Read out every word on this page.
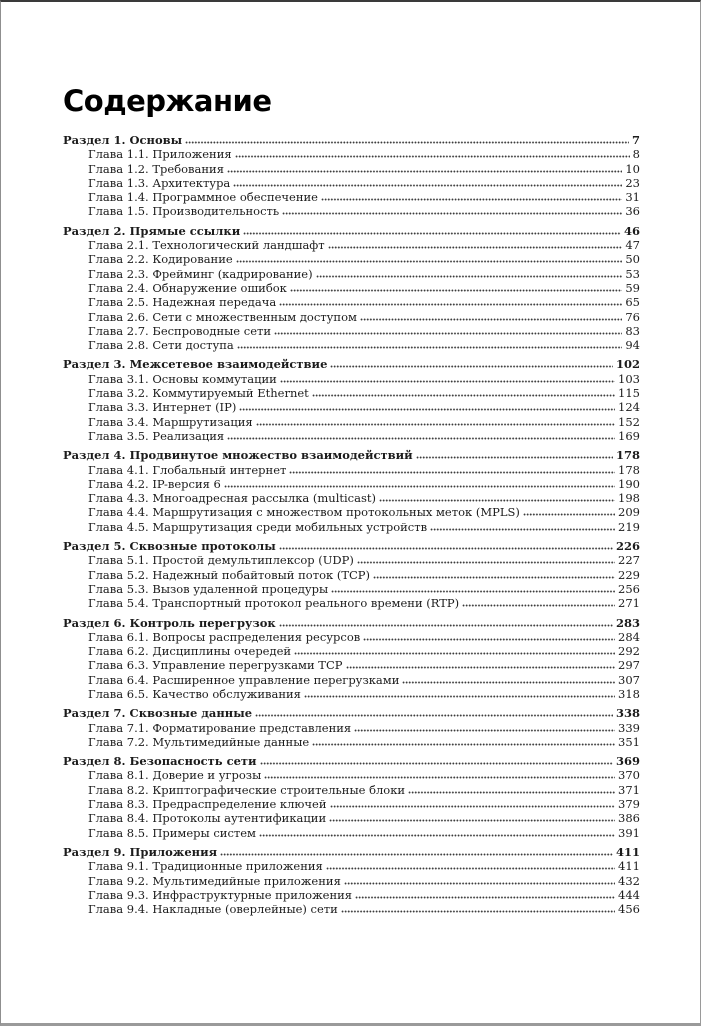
Содержание
Раздел 1. Основы	7
Глава 1.1. Приложения	8
Глава 1.2. Требования	10
Глава 1.3. Архитектура	23
Глава 1.4. Программное обеспечение	31
Глава 1.5. Производительность	36
Раздел 2. Прямые ссылки	46
Глава 2.1. Технологический ландшафт	47
Глава 2.2. Кодирование	50
Глава 2.3. Фрейминг (кадрирование)	53
Глава 2.4. Обнаружение ошибок	59
Глава 2.5. Надежная передача	65
Глава 2.6. Сети с множественным доступом	76
Глава 2.7. Беспроводные сети	83
Глава 2.8. Сети доступа	94
Раздел 3. Межсетевое взаимодействие	102
Глава 3.1. Основы коммутации	103
Глава 3.2. Коммутируемый Ethernet	115
Глава 3.3. Интернет (IP)	124
Глава 3.4. Маршрутизация	152
Глава 3.5. Реализация	169
Раздел 4. Продвинутое множество взаимодействий	178
Глава 4.1. Глобальный интернет	178
Глава 4.2. IP-версия 6	190
Глава 4.3. Многоадресная рассылка (multicast)	198
Глава 4.4. Маршрутизация с множеством протокольных меток (MPLS)	209
Глава 4.5. Маршрутизация среди мобильных устройств	219
Раздел 5. Сквозные протоколы	226
Глава 5.1. Простой демультиплексор (UDP)	227
Глава 5.2. Надежный побайтовый поток (TCP)	229
Глава 5.3. Вызов удаленной процедуры	256
Глава 5.4. Транспортный протокол реального времени (RTP)	271
Раздел 6. Контроль перегрузок	283
Глава 6.1. Вопросы распределения ресурсов	284
Глава 6.2. Дисциплины очередей	292
Глава 6.3. Управление перегрузками TCP	297
Глава 6.4. Расширенное управление перегрузками	307
Глава 6.5. Качество обслуживания	318
Раздел 7. Сквозные данные	338
Глава 7.1. Форматирование представления	339
Глава 7.2. Мультимедийные данные	351
Раздел 8. Безопасность сети	369
Глава 8.1. Доверие и угрозы	370
Глава 8.2. Криптографические строительные блоки	371
Глава 8.3. Предраспределение ключей	379
Глава 8.4. Протоколы аутентификации	386
Глава 8.5. Примеры систем	391
Раздел 9. Приложения	411
Глава 9.1. Традиционные приложения	411
Глава 9.2. Мультимедийные приложения	432
Глава 9.3. Инфраструктурные приложения	444
Глава 9.4. Накладные (оверлейные) сети	456
